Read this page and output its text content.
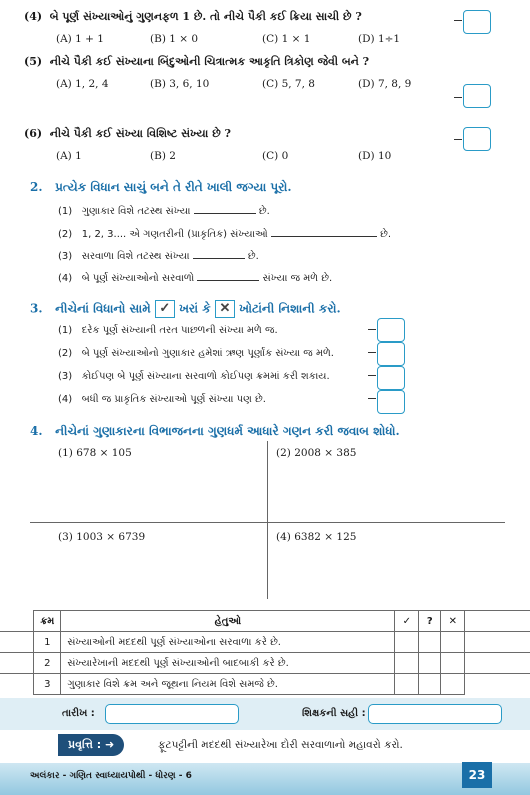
(4) બે પૂર્ણ સંખ્યાઓનું ગુણનફળ 1 છે. તો નીચે પૈકી કઈ ક્રિયા સાચી છે ?
(A) 1 + 1	(B) 1 × 0	(C) 1 × 1	(D) 1÷1
(5) નીચે પૈકી કઈ સંખ્યાના બિંદુઓની ચિત્રાત્મક આકૃતિ ત્રિકોણ જેવી બને ?
(A) 1, 2, 4	(B) 3, 6, 10	(C) 5, 7, 8	(D) 7, 8, 9
(6) નીચે પૈકી કઈ સંખ્યા વિશિષ્ટ સંખ્યા છે ?
(A) 1	(B) 2	(C) 0	(D) 10
2. પ્રત્યેક વિધાન સાચું બને તે રીતે ખાલી જગ્યા પૂરો.
(1) ગુણાકાર વિશે તટસ્થ સંખ્યા	છે.
(2) 1, 2, 3.... એ ગણતરીની (પ્રાકૃતિક) સંખ્યાઓ	છે.
(3) સરવાળા વિશે તટસ્થ સંખ્યા	છે.
(4) બે પૂર્ણ સંખ્યાઓનો સરવાળો	સંખ્યા જ મળે છે.
3. નીચેનાં વિધાનો સામે ✓ ખરાં કે ✕ ખોટાંની નિશાની કરો.
(1) દરેક પૂર્ણ સંખ્યાની તરત પાછળની સંખ્યા મળે જ.
(2) બે પૂર્ણ સંખ્યાઓનો ગુણાકાર હમેશાં ઋણ પૂર્ણાંક સંખ્યા જ મળે.
(3) કોઈપણ બે પૂર્ણ સંખ્યાના સરવાળો કોઈપણ ક્રમમાં કરી શકાય.
(4) બધી જ પ્રાકૃતિક સંખ્યાઓ પૂર્ણ સંખ્યા પણ છે.
4. નીચેનાં ગુણાકારના વિભાજનના ગુણધર્મ આધારે ગણન કરી જવાબ શોધો.
(1) 678 × 105	(2) 2008 × 385
(3) 1003 × 6739	(4) 6382 × 125
	ક્રમ	હેતુઓ	✓	?	✕	
	1	સંખ્યાઓની મદદથી પૂર્ણ સંખ્યાઓના સરવાળા કરે છે.				
	2	સંખ્યારેખાની મદદથી પૂર્ણ સંખ્યાઓની બાદબાકી કરે છે.				
	3	ગુણાકાર વિશે ક્રમ અને જૂથના નિયમ વિશે સમજે છે.				
તારીખ :	શિક્ષકની સહી :
પ્રવૃત્તિ : ➜	ફૂટપટ્ટીની મદદથી સંખ્યારેખા દોરી સરવાળાનો મહાવરો કરો.
અલંકાર - ગણિત સ્વાધ્યાયપોથી - ધોરણ - 6	23
